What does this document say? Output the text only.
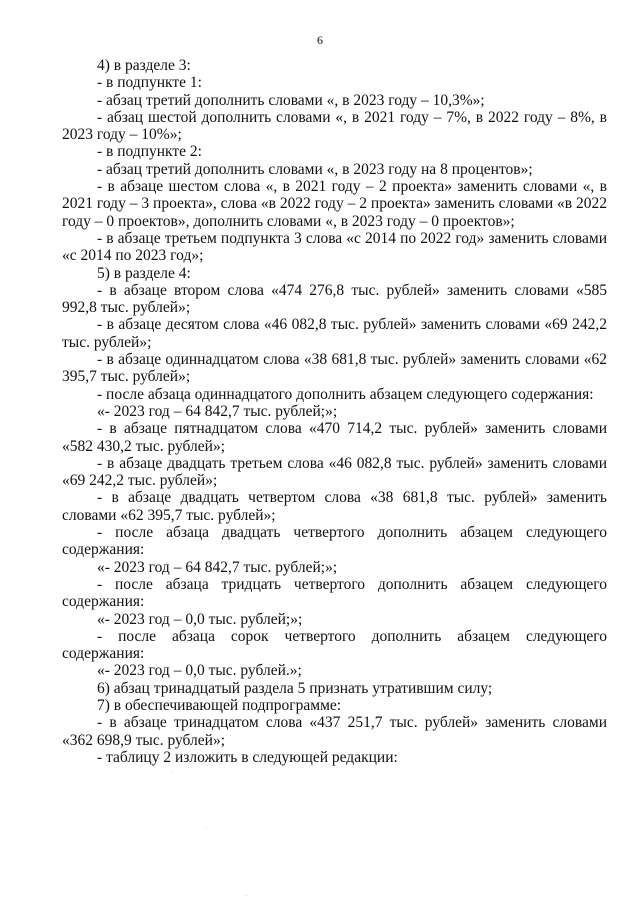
6

4) в разделе 3:

- в подпункте 1:

- абзац третий дополнить словами «, в 2023 году – 10,3%»;

- абзац шестой дополнить словами «, в 2021 году – 7%, в 2022 году – 8%, в 2023 году – 10%»;

- в подпункте 2:

- абзац третий дополнить словами «, в 2023 году на 8 процентов»;

- в абзаце шестом слова «, в 2021 году – 2 проекта» заменить словами «, в 2021 году – 3 проекта», слова «в 2022 году – 2 проекта» заменить словами «в 2022 году – 0 проектов», дополнить словами «, в 2023 году – 0 проектов»;

- в абзаце третьем подпункта 3 слова «с 2014 по 2022 год» заменить словами «с 2014 по 2023 год»;

5) в разделе 4:

- в абзаце втором слова «474 276,8 тыс. рублей» заменить словами «585 992,8 тыс. рублей»;

- в абзаце десятом слова «46 082,8 тыс. рублей» заменить словами «69 242,2 тыс. рублей»;

- в абзаце одиннадцатом слова «38 681,8 тыс. рублей» заменить словами «62 395,7 тыс. рублей»;

- после абзаца одиннадцатого дополнить абзацем следующего содержания:

«- 2023 год – 64 842,7 тыс. рублей;»;

- в абзаце пятнадцатом слова «470 714,2 тыс. рублей» заменить словами «582 430,2 тыс. рублей»;

- в абзаце двадцать третьем слова «46 082,8 тыс. рублей» заменить словами «69 242,2 тыс. рублей»;

- в абзаце двадцать четвертом слова «38 681,8 тыс. рублей» заменить словами «62 395,7 тыс. рублей»;

- после абзаца двадцать четвертого дополнить абзацем следующего содержания:

«- 2023 год – 64 842,7 тыс. рублей;»;

- после абзаца тридцать четвертого дополнить абзацем следующего содержания:

«- 2023 год – 0,0 тыс. рублей;»;

- после абзаца сорок четвертого дополнить абзацем следующего содержания:

«- 2023 год – 0,0 тыс. рублей.»;

6) абзац тринадцатый раздела 5 признать утратившим силу;

7) в обеспечивающей подпрограмме:

- в абзаце тринадцатом слова «437 251,7 тыс. рублей» заменить словами «362 698,9 тыс. рублей»;

- таблицу 2 изложить в следующей редакции:
